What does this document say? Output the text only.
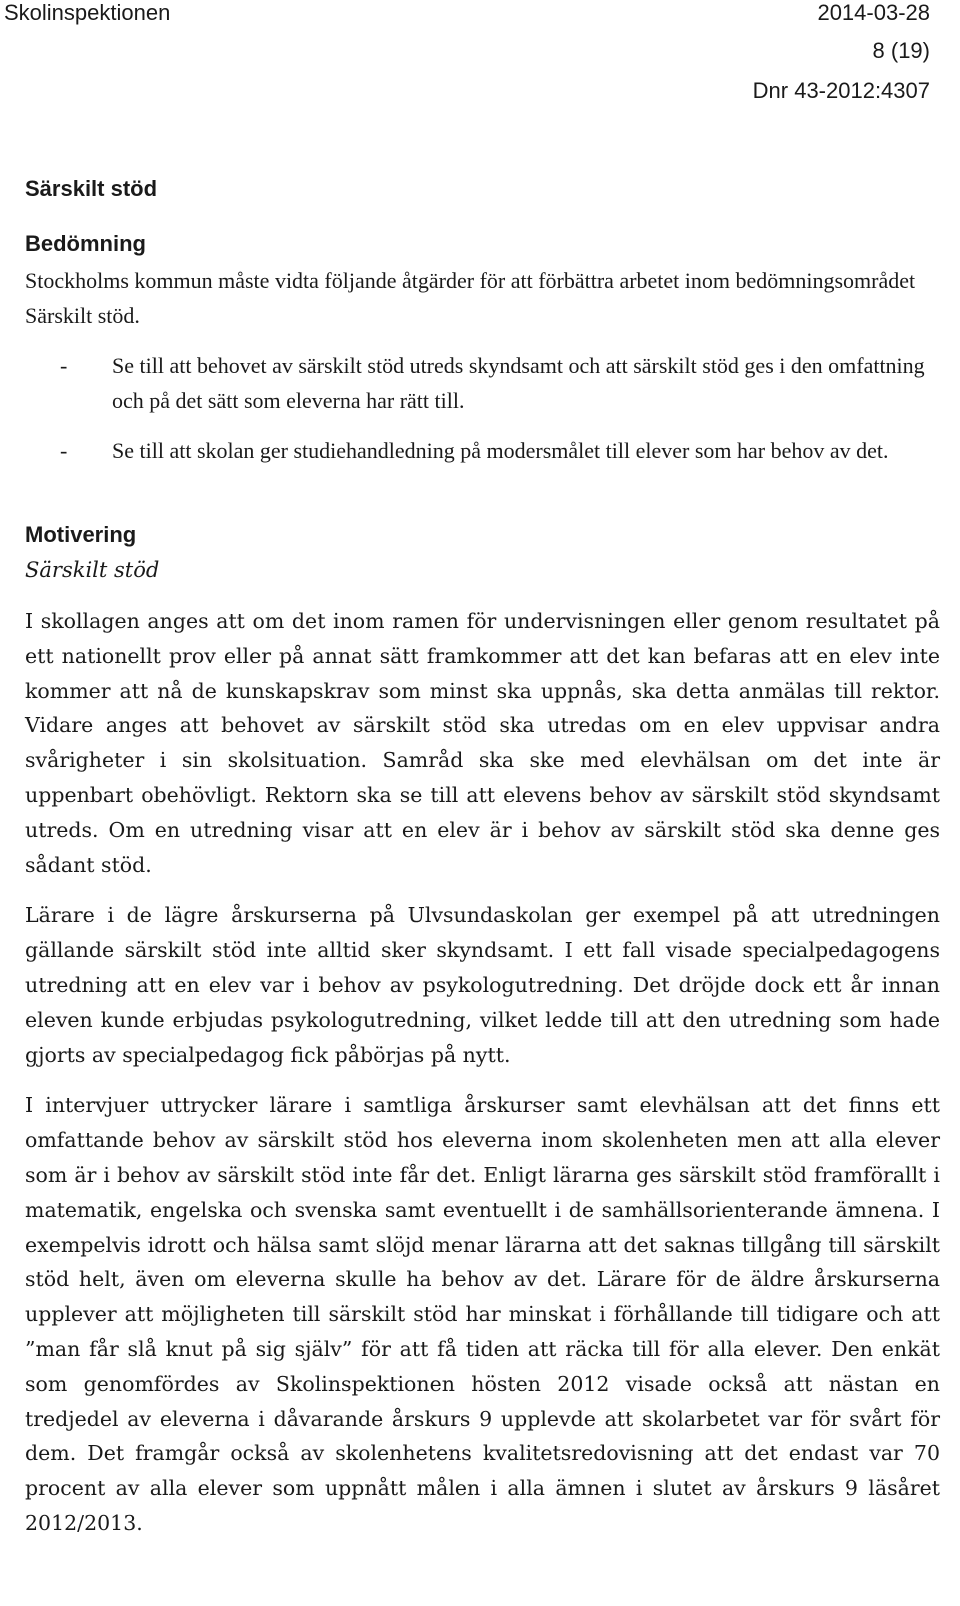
Skolinspektionen	2014-03-28
8 (19)
Dnr 43-2012:4307
Särskilt stöd
Bedömning
Stockholms kommun måste vidta följande åtgärder för att förbättra arbetet inom bedömningsområdet Särskilt stöd.
- Se till att behovet av särskilt stöd utreds skyndsamt och att särskilt stöd ges i den omfattning och på det sätt som eleverna har rätt till.
- Se till att skolan ger studiehandledning på modersmålet till elever som har behov av det.
Motivering
Särskilt stöd

I skollagen anges att om det inom ramen för undervisningen eller genom resultatet på ett nationellt prov eller på annat sätt framkommer att det kan befaras att en elev inte kommer att nå de kunskapskrav som minst ska uppnås, ska detta anmälas till rektor. Vidare anges att behovet av särskilt stöd ska utredas om en elev uppvisar andra svårigheter i sin skolsituation. Samråd ska ske med elevhälsan om det inte är uppenbart obehövligt. Rektorn ska se till att elevens behov av särskilt stöd skyndsamt utreds. Om en utredning visar att en elev är i behov av särskilt stöd ska denne ges sådant stöd.

Lärare i de lägre årskurserna på Ulvsundaskolan ger exempel på att utredningen gällande särskilt stöd inte alltid sker skyndsamt. I ett fall visade specialpedagogens utredning att en elev var i behov av psykologutredning. Det dröjde dock ett år innan eleven kunde erbjudas psykologutredning, vilket ledde till att den utredning som hade gjorts av specialpedagog fick påbörjas på nytt.

I intervjuer uttrycker lärare i samtliga årskurser samt elevhälsan att det finns ett omfattande behov av särskilt stöd hos eleverna inom skolenheten men att alla elever som är i behov av särskilt stöd inte får det. Enligt lärarna ges särskilt stöd framförallt i matematik, engelska och svenska samt eventuellt i de samhällsorienterande ämnena. I exempelvis idrott och hälsa samt slöjd menar lärarna att det saknas tillgång till särskilt stöd helt, även om eleverna skulle ha behov av det. Lärare för de äldre årskurserna upplever att möjligheten till särskilt stöd har minskat i förhållande till tidigare och att ”man får slå knut på sig själv” för att få tiden att räcka till för alla elever. Den enkät som genomfördes av Skolinspektionen hösten 2012 visade också att nästan en tredjedel av eleverna i dåvarande årskurs 9 upplevde att skolarbetet var för svårt för dem. Det framgår också av skolenhetens kvalitetsredovisning att det endast var 70 procent av alla elever som uppnått målen i alla ämnen i slutet av årskurs 9 läsåret 2012/2013.
